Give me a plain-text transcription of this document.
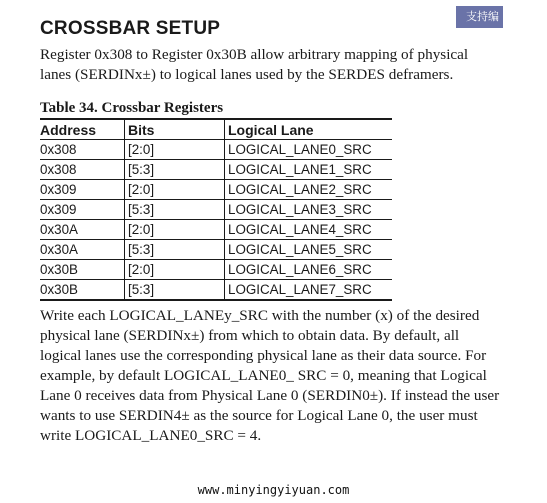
支持编
CROSSBAR SETUP

Register 0x308 to Register 0x30B allow arbitrary mapping of physical lanes (SERDINx±) to logical lanes used by the SERDES deframers.

Table 34. Crossbar Registers
Address	Bits	Logical Lane
0x308	[2:0]	LOGICAL_LANE0_SRC
0x308	[5:3]	LOGICAL_LANE1_SRC
0x309	[2:0]	LOGICAL_LANE2_SRC
0x309	[5:3]	LOGICAL_LANE3_SRC
0x30A	[2:0]	LOGICAL_LANE4_SRC
0x30A	[5:3]	LOGICAL_LANE5_SRC
0x30B	[2:0]	LOGICAL_LANE6_SRC
0x30B	[5:3]	LOGICAL_LANE7_SRC

Write each LOGICAL_LANEy_SRC with the number (x) of the desired physical lane (SERDINx±) from which to obtain data. By default, all logical lanes use the corresponding physical lane as their data source. For example, by default LOGICAL_LANE0_ SRC = 0, meaning that Logical Lane 0 receives data from Physical Lane 0 (SERDIN0±). If instead the user wants to use SERDIN4± as the source for Logical Lane 0, the user must write LOGICAL_LANE0_SRC = 4.

www.minyingyiyuan.com
